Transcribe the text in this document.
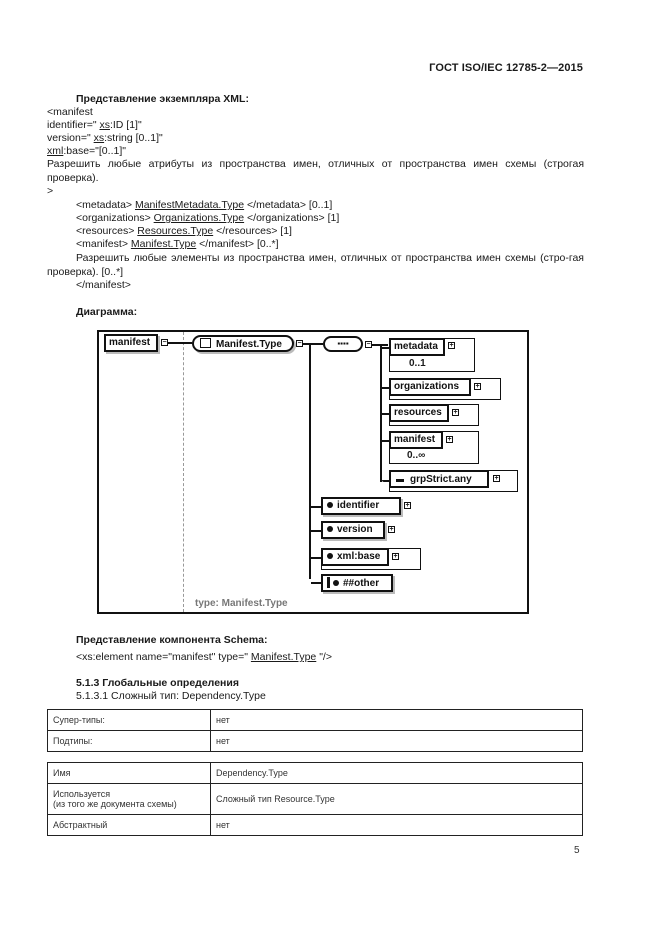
ГОСТ ISO/IEC 12785-2—2015
Представление экземпляра XML:
<manifest
identifier=" xs:ID [1]"
version=" xs:string [0..1]"
xml:base="[0..1]"
Разрешить любые атрибуты из пространства имен, отличных от пространства имен схемы (строгая проверка).
>
<metadata> ManifestMetadata.Type </metadata> [0..1]
<organizations> Organizations.Type </organizations> [1]
<resources> Resources.Type </resources> [1]
<manifest> Manifest.Type </manifest> [0..*]
Разрешить любые элементы из пространства имен, отличных от пространства имен схемы (стро-гая проверка). [0..*]
</manifest>
Диаграмма:
manifest	−	Manifest.Type	−	▪▪▪▪	−	metadata	+
0..1
organizations	+
resources	+
manifest	+
0..∞
grpStrict.any	+
identifier	+
version	+
xml:base	+
##other
type: Manifest.Type
Представление компонента Schema:
<xs:element name="manifest" type=" Manifest.Type "/>
5.1.3 Глобальные определения
5.1.3.1 Сложный тип: Dependency.Type
Супер-типы:	нет
Подтипы:	нет
Имя	Dependency.Type

Используется
(из того же документа схемы)	Сложный тип Resource.Type
Абстрактный	нет
5
